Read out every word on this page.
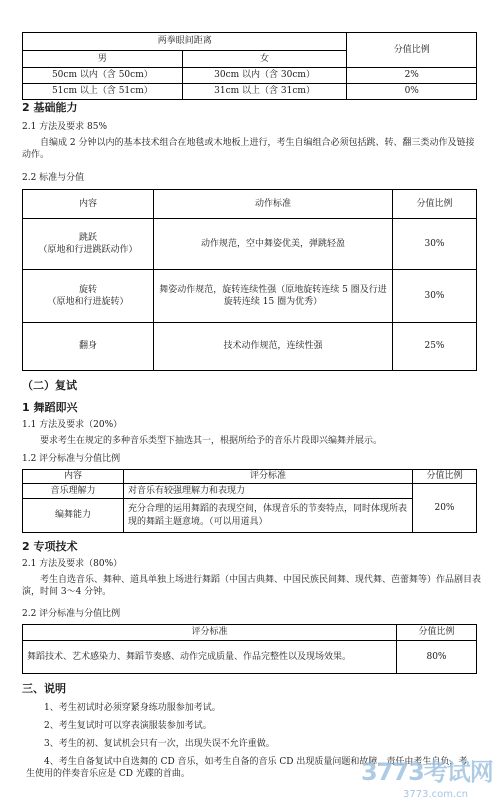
两拳眼间距离		分值比例
男	女	
50cm 以内（含 50cm）	30cm 以内（含 30cm）	2%
51cm 以上（含 51cm）	31cm 以上（含 31cm）	0%
2 基础能力
2.1 方法及要求 85%
自编成 2 分钟以内的基本技术组合在地毯或木地板上进行，考生自编组合必须包括跳、转、翻三类动作及链接动作。
2.2 标准与分值
内容	动作标准	分值比例

跳跃
（原地和行进跳跃动作）	动作规范，空中舞姿优美，弹跳轻盈	30%

旋转
（原地和行进旋转）	舞姿动作规范，旋转连续性强（原地旋转连续 5 圈及行进旋转连续 15 圈为优秀）	30%

翻身	技术动作规范，连续性强	25%
（二）复试
1 舞蹈即兴
1.1 方法及要求（20%）
要求考生在规定的多种音乐类型下抽选其一，根据所给予的音乐片段即兴编舞并展示。
1.2 评分标准与分值比例
内容	评分标准	分值比例
音乐理解力	对音乐有较强理解力和表现力	20%
编舞能力	充分合理的运用舞蹈的表现空间，体现音乐的节奏特点，同时体现所表现的舞蹈主题意境。（可以用道具）	
2 专项技术
2.1 方法及要求（80%）
考生自选音乐、舞种、道具单独上场进行舞蹈（中国古典舞、中国民族民间舞、现代舞、芭蕾舞等）作品剧目表演，时间 3～4 分钟。
2.2 评分标准与分值比例
评分标准	分值比例
舞蹈技术、艺术感染力、舞蹈节奏感、动作完成质量、作品完整性以及现场效果。	80%
三、说明
1、考生初试时必须穿紧身练功服参加考试。
2、考生复试时可以穿表演服装参加考试。
3、考生的初、复试机会只有一次，出现失误不允许重做。
4、考生自备复试中自选舞的 CD 音乐，如考生自备的音乐 CD 出现质量问题和故障，责任由考生自负，考生使用的伴奏音乐应是 CD 光碟的首曲。	3773考试网
3773.com.cn
